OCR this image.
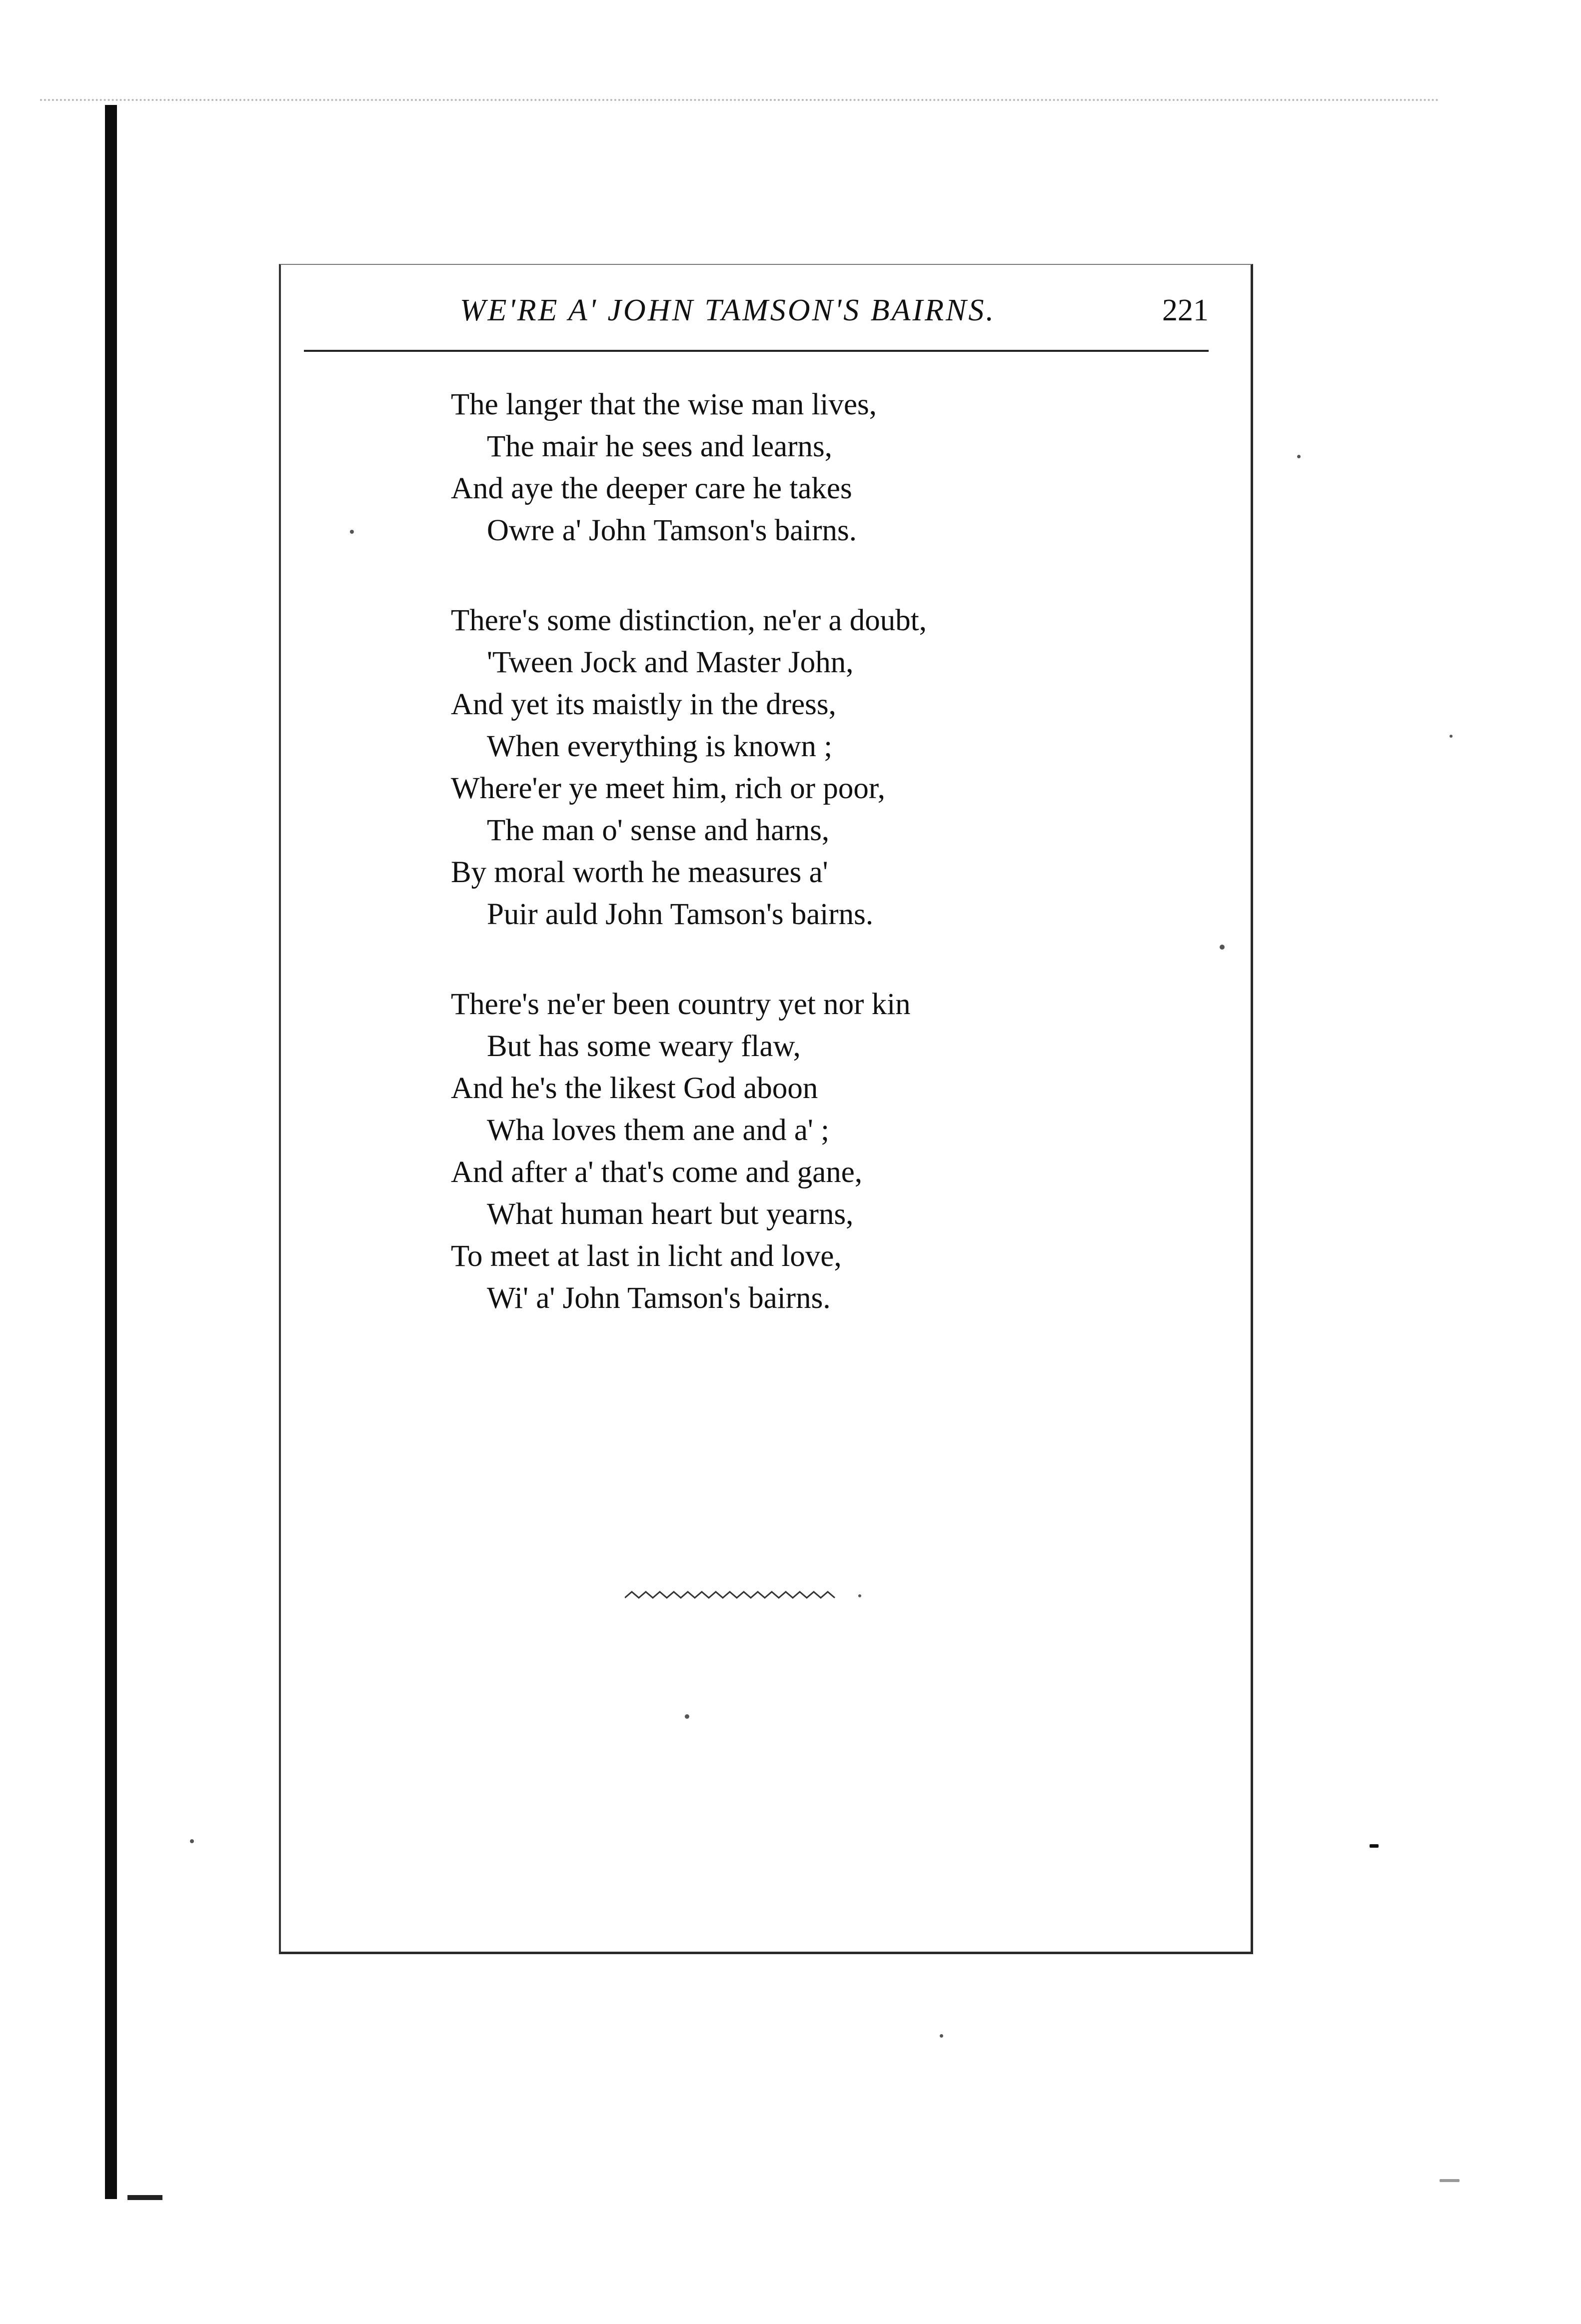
WE'RE A' JOHN TAMSON'S BAIRNS.	221
The langer that the wise man lives,
The mair he sees and learns,
And aye the deeper care he takes
Owre a' John Tamson's bairns.
There's some distinction, ne'er a doubt,
'Tween Jock and Master John,
And yet its maistly in the dress,
When everything is known ;
Where'er ye meet him, rich or poor,
The man o' sense and harns,
By moral worth he measures a'
Puir auld John Tamson's bairns.
There's ne'er been country yet nor kin
But has some weary flaw,
And he's the likest God aboon
Wha loves them ane and a' ;
And after a' that's come and gane,
What human heart but yearns,
To meet at last in licht and love,
Wi' a' John Tamson's bairns.
